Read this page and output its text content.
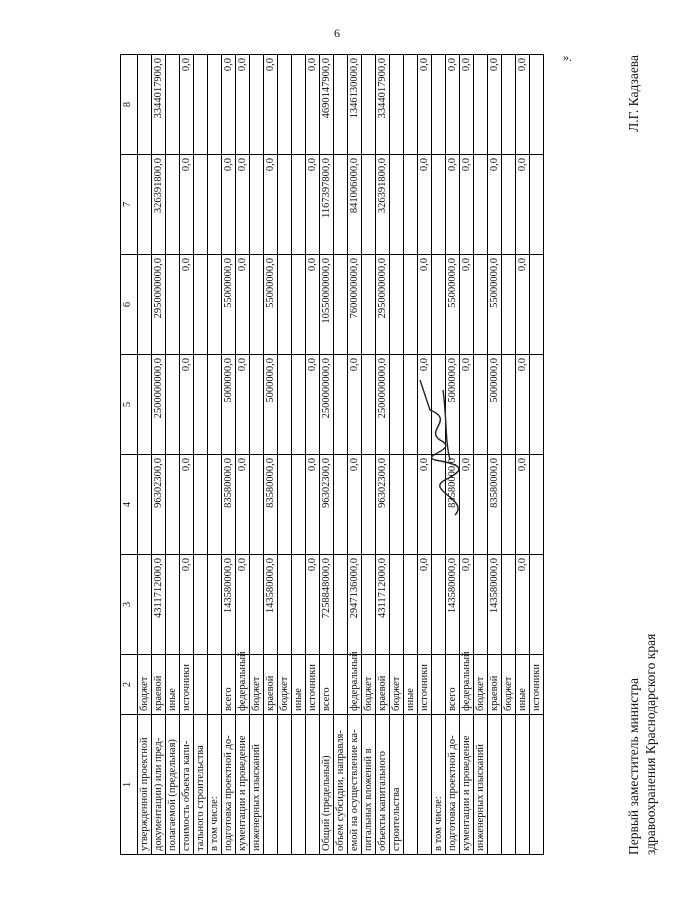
6
».
1	2	3	4	5	6	7	8
утвержденной проектной	бюджет						
документации) или пред-	краевой	4311712000,0	96302300,0	2500000000,0	2950000000,0	326391800,0	3344017900,0
полагаемой (предельная)	иные						
стоимость объекта капи-	источники	0,0	0,0	0,0	0,0	0,0	0,0
тального строительства							
в том числе:							
подготовка проектной до-	всего	143580000,0	83580000,0	5000000,0	55000000,0	0,0	0,0
кументации и проведение	федеральный	0,0	0,0	0,0	0,0	0,0	0,0
инженерных изысканий	бюджет						
	краевой	143580000,0	83580000,0	5000000,0	55000000,0	0,0	0,0
	бюджет						
	иные						
	источники	0,0	0,0	0,0	0,0	0,0	0,0
Общий (предельный)	всего	7258848000,0	96302300,0	2500000000,0	10550000000,0	1167397800,0	4690147900,0
объем субсидии, направля-							
емой на осуществление ка-	федеральный	2947136000,0	0,0	0,0	7600000000,0	841006000,0	1346130000,0
питальных вложений в	бюджет						
объекты капитального	краевой	4311712000,0	96302300,0	2500000000,0	2950000000,0	326391800,0	3344017900,0
строительства	бюджет						
	иные						
	источники	0,0	0,0	0,0	0,0	0,0	0,0
в том числе:							
подготовка проектной до-	всего	143580000,0	83580000,0	5000000,0	55000000,0	0,0	0,0
кументации и проведение	федеральный	0,0	0,0	0,0	0,0	0,0	0,0
инженерных изысканий	бюджет						
	краевой	143580000,0	83580000,0	5000000,0	55000000,0	0,0	0,0
	бюджет						
	иные	0,0	0,0	0,0	0,0	0,0	0,0
	источники							Первый заместитель министра здравоохранения Краснодарского края
Л.Г. Кадзаева
